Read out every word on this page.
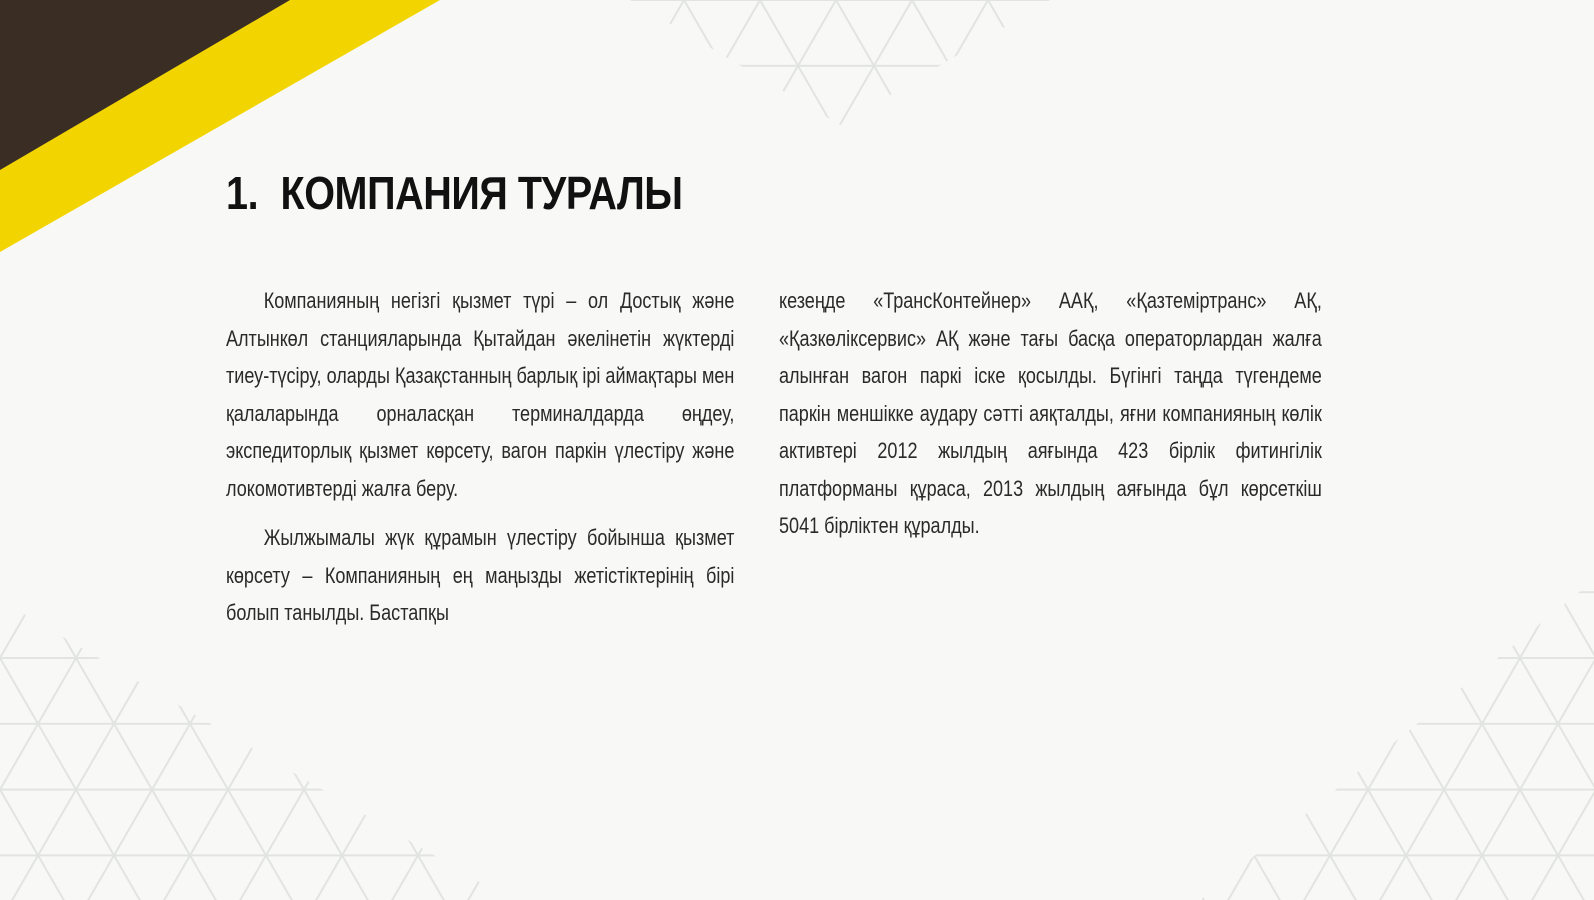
1. КОМПАНИЯ ТУРАЛЫ

Компанияның негізгі қызмет түрі – ол Достық және Алтынкөл станцияларында Қытайдан әкелінетін жүктерді тиеу-түсіру, оларды Қазақстанның барлық ірі аймақтары мен қалаларында орналасқан терминалдарда өңдеу, экспедиторлық қызмет көрсету, вагон паркін үлестіру және локомотивтерді жалға беру.

Жылжымалы жүк құрамын үлестіру бойынша қызмет көрсету – Компанияның ең маңызды жетістіктерінің бірі болып танылды. Бастапқы

кезеңде «ТрансКонтейнер» ААҚ, «Қазтеміртранс» АҚ, «Қазкөліксервис» АҚ және тағы басқа операторлардан жалға алынған вагон паркі іске қосылды. Бүгінгі таңда түгендеме паркін меншікке аудару сәтті аяқталды, яғни компанияның көлік активтері 2012 жылдың аяғында 423 бірлік фитингілік платформаны құраса, 2013 жылдың аяғында бұл көрсеткіш 5041 бірліктен құралды.
